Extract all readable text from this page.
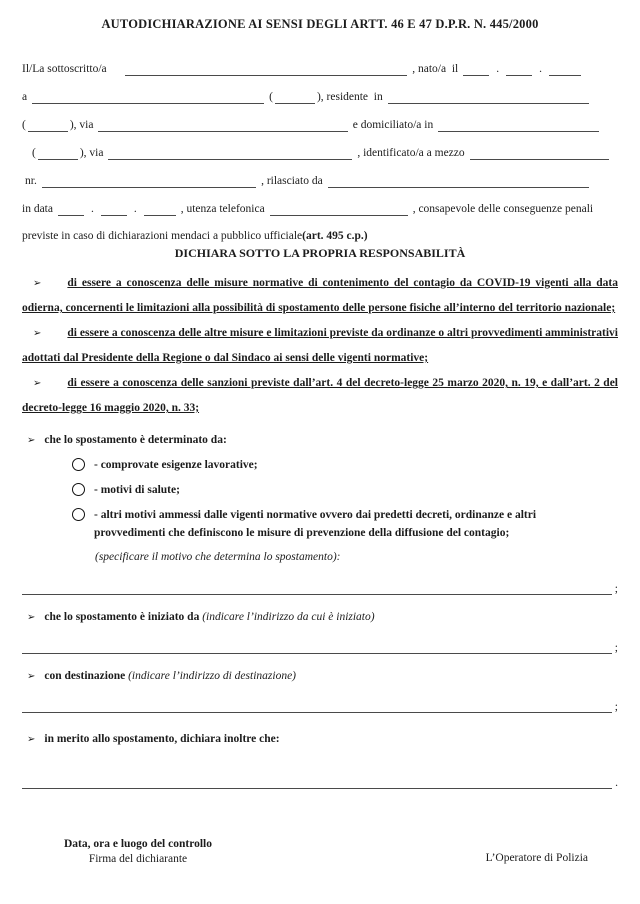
AUTODICHIARAZIONE AI SENSI DEGLI ARTT. 46 E 47 D.P.R. N. 445/2000
Il/La sottoscritto/a	, nato/a  il	.	.
a	(	), residente  in
(	), via	e domiciliato/a in
(	), via	, identificato/a a mezzo
nr.	, rilasciato da
in data	.	.	, utenza telefonica	, consapevole delle conseguenze penali
previste in caso di dichiarazioni mendaci a pubblico ufficiale (art. 495 c.p.)
DICHIARA SOTTO LA PROPRIA RESPONSABILITÀ

➢ di essere a conoscenza delle misure normative di contenimento del contagio da COVID-19 vigenti alla data odierna, concernenti le limitazioni alla possibilità di spostamento delle persone fisiche all’interno del territorio nazionale;

➢ di essere a conoscenza delle altre misure e limitazioni previste da ordinanze o altri provvedimenti amministrativi adottati dal Presidente della Regione o dal Sindaco ai sensi delle vigenti normative;

➢ di essere a conoscenza delle sanzioni previste dall’art. 4 del decreto-legge 25 marzo 2020, n. 19, e dall’art. 2 del decreto-legge 16 maggio 2020, n. 33;

➢ che lo spostamento è determinato da:

- comprovate esigenze lavorative;
- motivi di salute;
- altri motivi ammessi dalle vigenti normative ovvero dai predetti decreti, ordinanze e altri provvedimenti che definiscono le misure di prevenzione della diffusione del contagio;
(specificare il motivo che determina lo spostamento):
;

➢ che lo spostamento è iniziato da (indicare l’indirizzo da cui è iniziato)

;

➢ con destinazione (indicare l’indirizzo di destinazione)

;

➢ in merito allo spostamento, dichiara inoltre che:

.
Data, ora e luogo del controllo
Firma del dichiarante	L’Operatore di Polizia
